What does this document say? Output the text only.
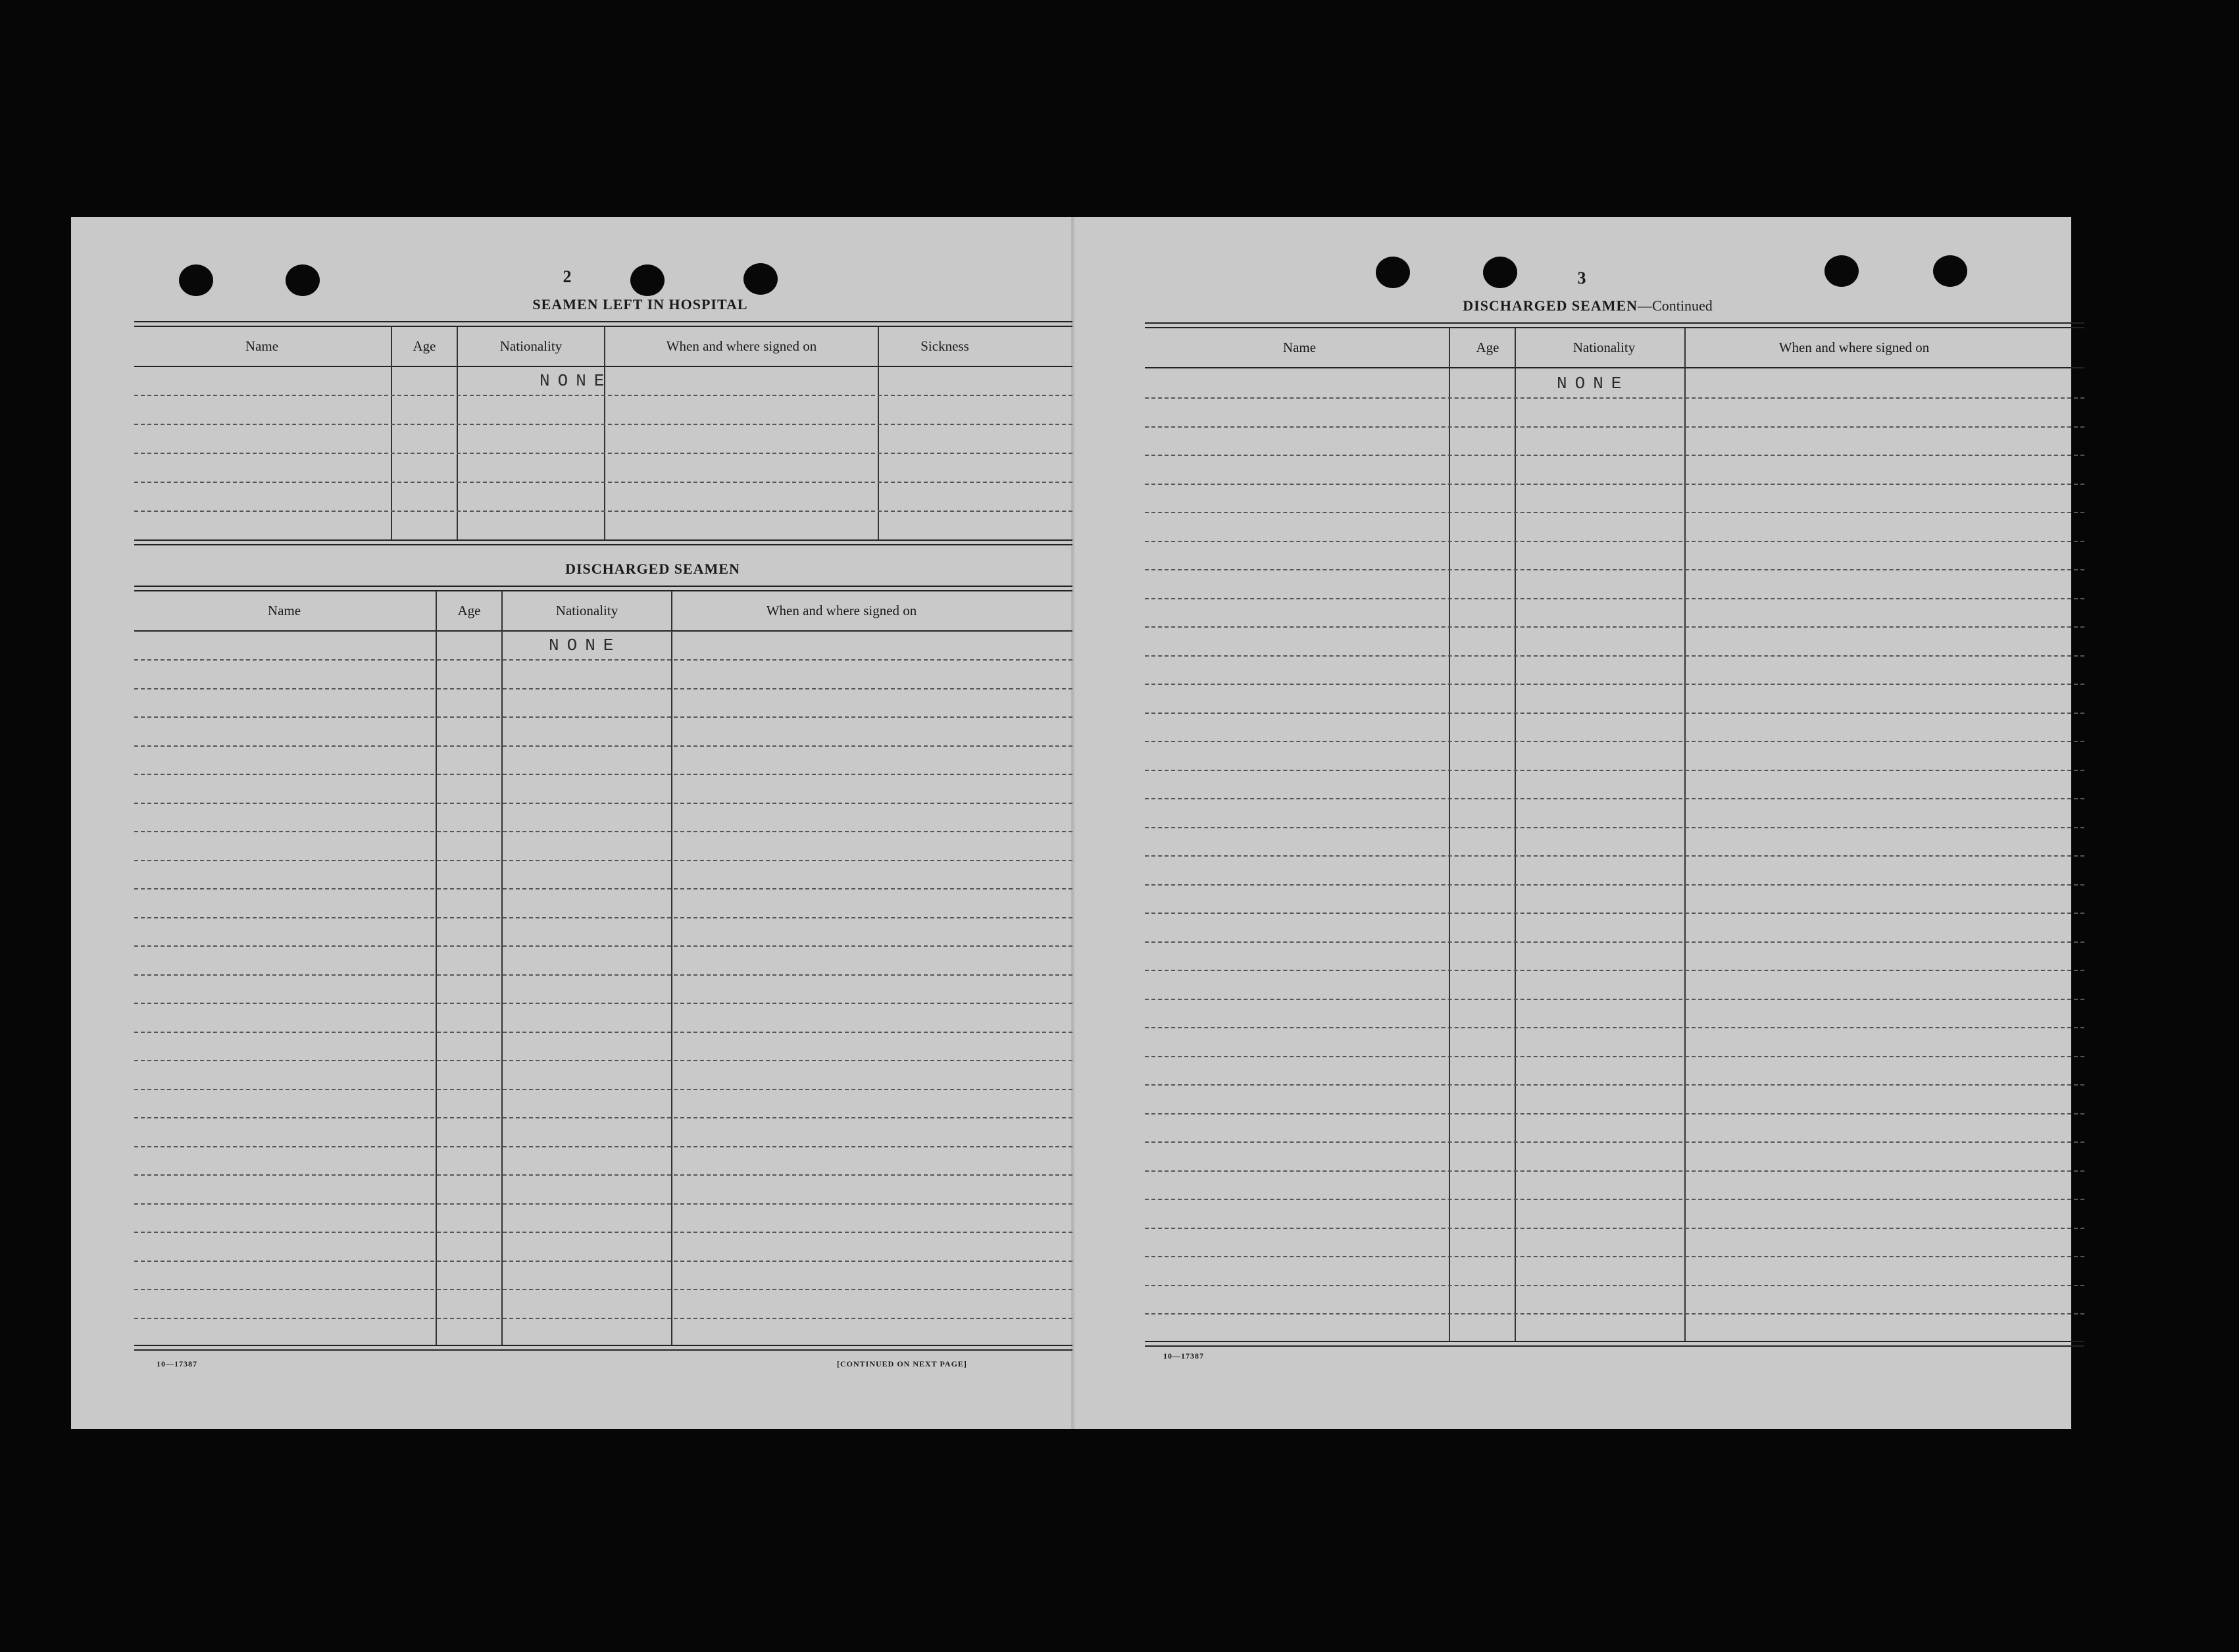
2
SEAMEN LEFT IN HOSPITAL
Name	Age	Nationality	When and where signed on	Sickness
NONE
DISCHARGED SEAMEN
Name	Age	Nationality	When and where signed on
NONE
10—17387	[CONTINUED ON NEXT PAGE]
3
DISCHARGED SEAMEN—Continued
Name	Age	Nationality	When and where signed on
NONE
10—17387
